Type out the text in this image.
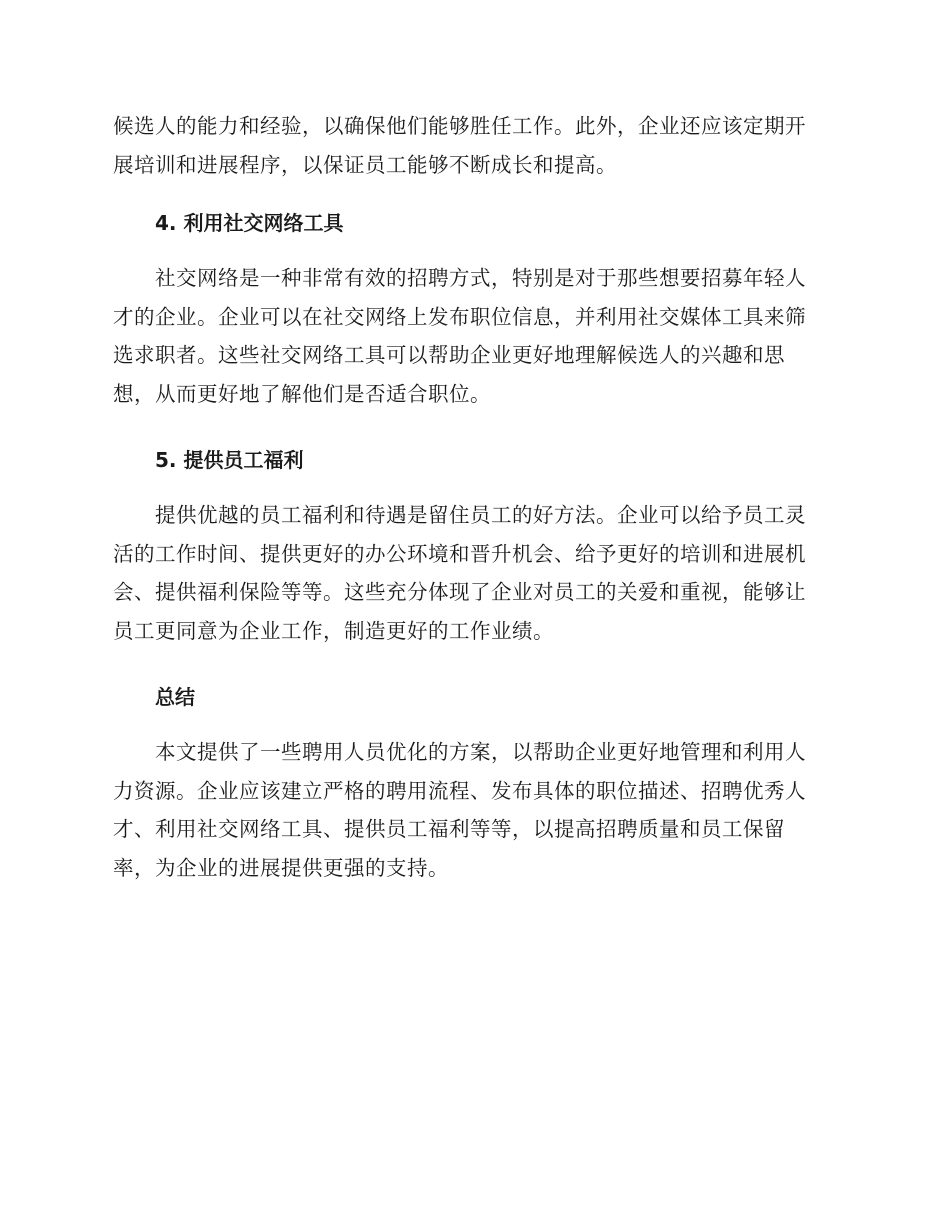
候选人的能力和经验，以确保他们能够胜任工作。此外，企业还应该定期开
展培训和进展程序，以保证员工能够不断成长和提高。
4. 利用社交网络工具
　　社交网络是一种非常有效的招聘方式，特别是对于那些想要招募年轻人
才的企业。企业可以在社交网络上发布职位信息，并利用社交媒体工具来筛
选求职者。这些社交网络工具可以帮助企业更好地理解候选人的兴趣和思
想，从而更好地了解他们是否适合职位。
5. 提供员工福利
　　提供优越的员工福利和待遇是留住员工的好方法。企业可以给予员工灵
活的工作时间、提供更好的办公环境和晋升机会、给予更好的培训和进展机
会、提供福利保险等等。这些充分体现了企业对员工的关爱和重视，能够让
员工更同意为企业工作，制造更好的工作业绩。
总结
　　本文提供了一些聘用人员优化的方案，以帮助企业更好地管理和利用人
力资源。企业应该建立严格的聘用流程、发布具体的职位描述、招聘优秀人
才、利用社交网络工具、提供员工福利等等，以提高招聘质量和员工保留
率，为企业的进展提供更强的支持。
